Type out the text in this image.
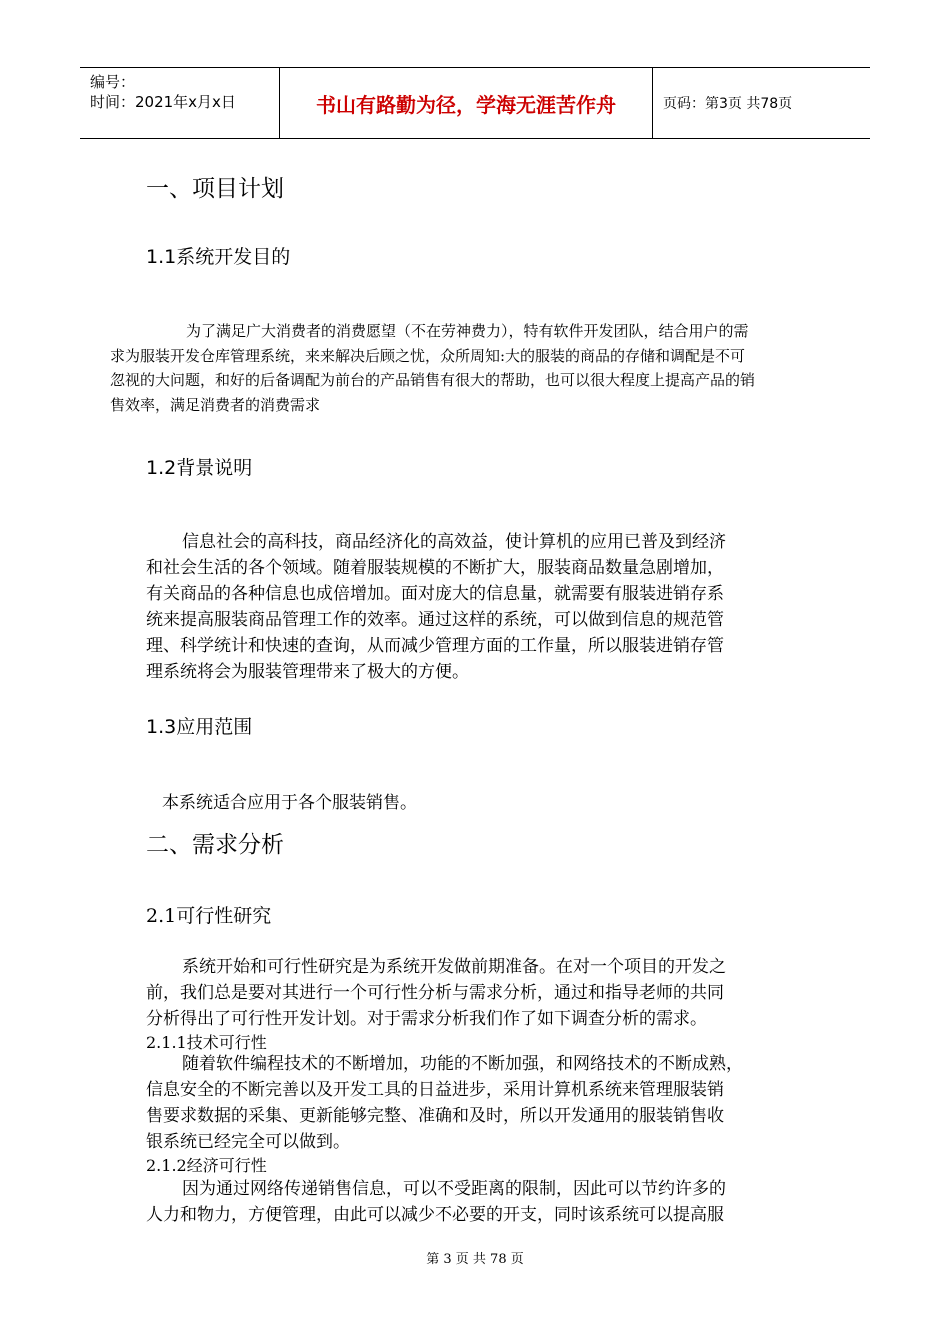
编号：
时间：2021年x月x日	书山有路勤为径，学海无涯苦作舟	页码：第3页 共78页
一、项目计划
1.1系统开发目的
为了满足广大消费者的消费愿望（不在劳神费力），特有软件开发团队，结合用户的需
求为服装开发仓库管理系统，来来解决后顾之忧，众所周知:大的服装的商品的存储和调配是不可
忽视的大问题，和好的后备调配为前台的产品销售有很大的帮助，也可以很大程度上提高产品的销
售效率，满足消费者的消费需求
1.2背景说明
信息社会的高科技，商品经济化的高效益，使计算机的应用已普及到经济
和社会生活的各个领域。随着服装规模的不断扩大，服装商品数量急剧增加，
有关商品的各种信息也成倍增加。面对庞大的信息量，就需要有服装进销存系
统来提高服装商品管理工作的效率。通过这样的系统，可以做到信息的规范管
理、科学统计和快速的查询，从而减少管理方面的工作量，所以服装进销存管
理系统将会为服装管理带来了极大的方便。
1.3应用范围
本系统适合应用于各个服装销售。
二、需求分析
2.1可行性研究
系统开始和可行性研究是为系统开发做前期准备。在对一个项目的开发之
前，我们总是要对其进行一个可行性分析与需求分析，通过和指导老师的共同
分析得出了可行性开发计划。对于需求分析我们作了如下调查分析的需求。
2.1.1技术可行性
随着软件编程技术的不断增加，功能的不断加强，和网络技术的不断成熟，
信息安全的不断完善以及开发工具的日益进步，采用计算机系统来管理服装销
售要求数据的采集、更新能够完整、准确和及时，所以开发通用的服装销售收
银系统已经完全可以做到。
2.1.2经济可行性
因为通过网络传递销售信息，可以不受距离的限制，因此可以节约许多的
人力和物力，方便管理，由此可以减少不必要的开支，同时该系统可以提高服
第 3 页 共 78 页
